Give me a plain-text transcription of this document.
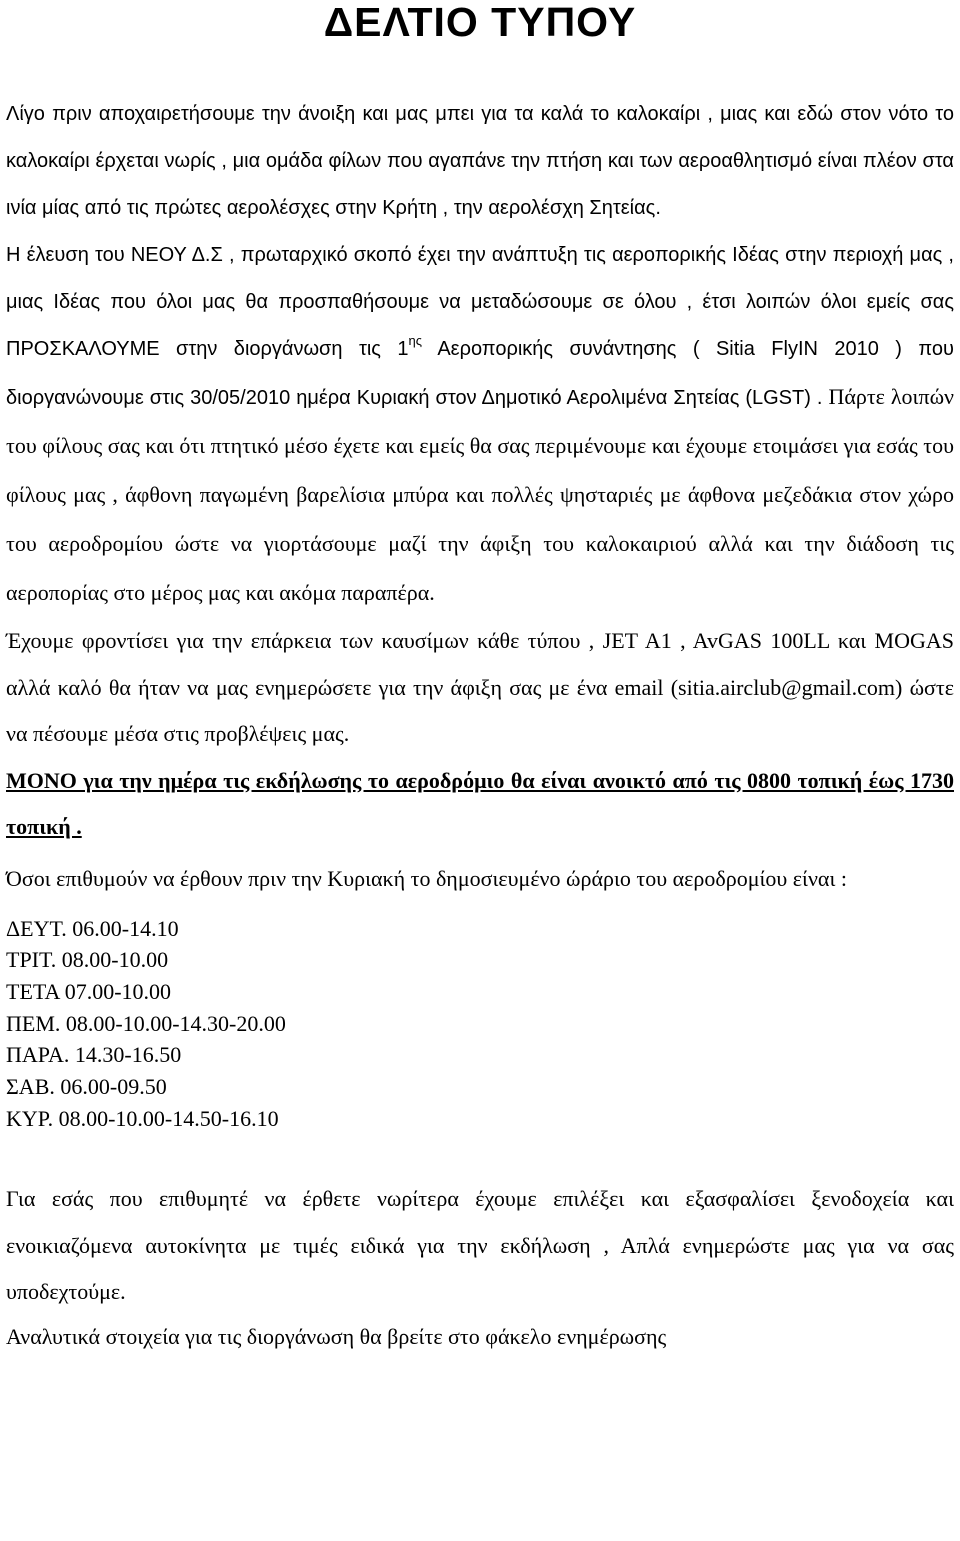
ΔΕΛΤΙΟ ΤΥΠΟΥ

Λίγο πριν αποχαιρετήσουμε την άνοιξη και μας μπει για τα καλά το καλοκαίρι , μιας και εδώ στον νότο το καλοκαίρι έρχεται νωρίς , μια ομάδα φίλων που αγαπάνε την πτήση και των αεροαθλητισμό είναι πλέον στα ινία μίας από τις πρώτες αερολέσχες στην Κρήτη , την αερολέσχη Σητείας.

Η έλευση του ΝΕΟΥ Δ.Σ , πρωταρχικό σκοπό έχει την ανάπτυξη τις αεροπορικής Ιδέας στην περιοχή μας , μιας Ιδέας που όλοι μας θα προσπαθήσουμε να μεταδώσουμε σε όλου , έτσι λοιπών όλοι εμείς σας ΠΡΟΣΚΑΛΟΥΜΕ στην διοργάνωση τις $1^{\eta\varsigma}$ Αεροπορικής συνάντησης ( Sitia FlyIN 2010 ) που διοργανώνουμε στις 30/05/2010 ημέρα Κυριακή στον Δημοτικό Αερολιμένα Σητείας (LGST) . Πάρτε λοιπών του φίλους σας και ότι πτητικό μέσο έχετε και εμείς θα σας περιμένουμε και έχουμε ετοιμάσει για εσάς του φίλους μας , άφθονη παγωμένη βαρελίσια μπύρα και πολλές ψησταριές με άφθονα μεζεδάκια στον χώρο του αεροδρομίου ώστε να γιορτάσουμε μαζί την άφιξη του καλοκαιριού αλλά και την διάδοση τις αεροπορίας στο μέρος μας και ακόμα παραπέρα.

Έχουμε φροντίσει για την επάρκεια των καυσίμων κάθε τύπου , JET A1 , AvGAS 100LL και MOGAS αλλά καλό θα ήταν να μας ενημερώσετε για την άφιξη σας με ένα email (sitia.airclub@gmail.com) ώστε να πέσουμε μέσα στις προβλέψεις μας.

ΜΟΝΟ για την ημέρα τις εκδήλωσης το αεροδρόμιο θα είναι ανοικτό από τις 0800 τοπική έως 1730 τοπική .

Όσοι επιθυμούν να έρθουν πριν την Κυριακή το δημοσιευμένο ώράριο του αεροδρομίου είναι :

ΔΕΥΤ. 06.00-14.10
ΤΡΙΤ. 08.00-10.00
ΤΕΤΑ 07.00-10.00
ΠΕΜ. 08.00-10.00-14.30-20.00
ΠΑΡΑ. 14.30-16.50
ΣΑΒ. 06.00-09.50
ΚΥΡ. 08.00-10.00-14.50-16.10

Για εσάς που επιθυμητέ να έρθετε νωρίτερα έχουμε επιλέξει και εξασφαλίσει ξενοδοχεία και ενοικιαζόμενα αυτοκίνητα με τιμές ειδικά για την εκδήλωση , Απλά ενημερώστε μας για να σας υποδεχτούμε.

Αναλυτικά στοιχεία για τις διοργάνωση θα βρείτε στο φάκελο ενημέρωσης
